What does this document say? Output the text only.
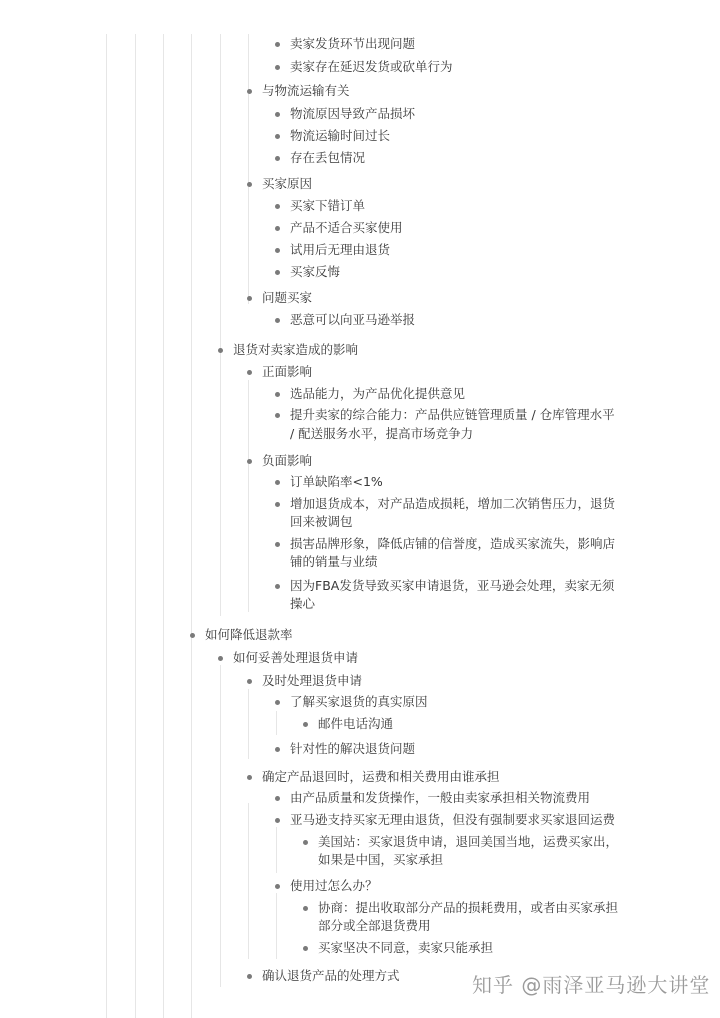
卖家发货环节出现问题
卖家存在延迟发货或砍单行为
与物流运输有关
物流原因导致产品损坏
物流运输时间过长
存在丢包情况
买家原因
买家下错订单
产品不适合买家使用
试用后无理由退货
买家反悔
问题买家
恶意可以向亚马逊举报
退货对卖家造成的影响
正面影响
选品能力，为产品优化提供意见
提升卖家的综合能力：产品供应链管理质量 / 仓库管理水平
/ 配送服务水平，提高市场竞争力
负面影响
订单缺陷率<1%
增加退货成本，对产品造成损耗，增加二次销售压力，退货
回来被调包
损害品牌形象，降低店铺的信誉度，造成买家流失，影响店
铺的销量与业绩
因为FBA发货导致买家申请退货，亚马逊会处理，卖家无须
操心
如何降低退款率
如何妥善处理退货申请
及时处理退货申请
了解买家退货的真实原因
邮件电话沟通
针对性的解决退货问题
确定产品退回时，运费和相关费用由谁承担
由产品质量和发货操作，一般由卖家承担相关物流费用
亚马逊支持买家无理由退货，但没有强制要求买家退回运费
美国站：买家退货申请，退回美国当地，运费买家出，
如果是中国，买家承担
使用过怎么办？
协商：提出收取部分产品的损耗费用，或者由买家承担
部分或全部退货费用
买家坚决不同意，卖家只能承担
确认退货产品的处理方式	知乎 @雨泽亚马逊大讲堂
